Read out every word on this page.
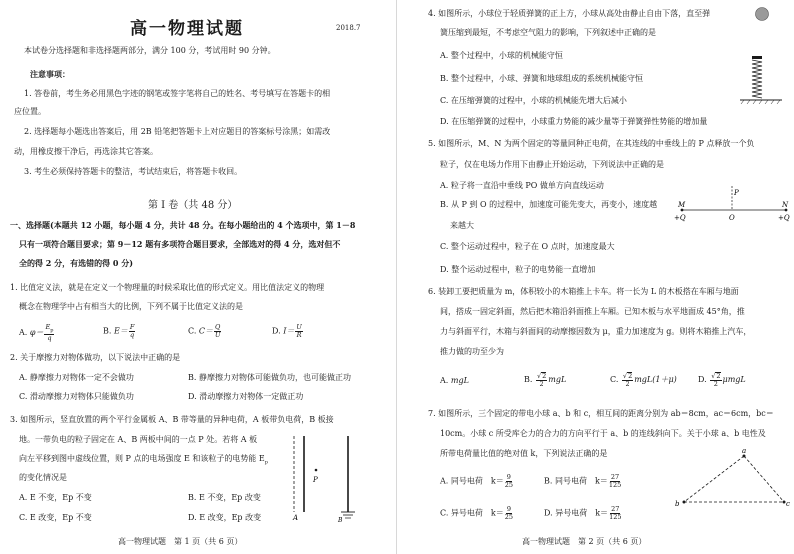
高一物理试题	2018.7
本试卷分选择题和非选择题两部分，满分 100 分，考试用时 90 分钟。
注意事项：
1. 答卷前，考生务必用黑色字迹的钢笔或签字笔将自己的姓名、考号填写在答题卡的相
应位置。
2. 选择题每小题选出答案后，用 2B 铅笔把答题卡上对应题目的答案标号涂黑；如需改
动，用橡皮擦干净后，再选涂其它答案。
3. 考生必须保持答题卡的整洁，考试结束后，将答题卡收回。
第 Ⅰ 卷（共 48 分）
一、选择题(本题共 12 小题，每小题 4 分，共计 48 分。在每小题给出的 4 个选项中，第 1－8
只有一项符合题目要求；第 9－12 题有多项符合题目要求，全部选对的得 4 分，选对但不
全的得 2 分，有选错的得 0 分)
1. 比值定义法，就是在定义一个物理量的时候采取比值的形式定义。用比值法定义的物理
概念在物理学中占有相当大的比例，下列不属于比值定义法的是
A. $\varphi= \frac{E_p}{q}$	B. $E= \frac{F}{q}$	C. $C= \frac{Q}{U}$	D. $I= \frac{U}{R}$
2. 关于摩擦力对物体做功，以下说法中正确的是
A. 静摩擦力对物体一定不会做功	B. 静摩擦力对物体可能做负功，也可能做正功
C. 滑动摩擦力对物体只能做负功	D. 滑动摩擦力对物体一定做正功
3. 如图所示，竖直放置的两个平行金属板 A、B 带等量的异种电荷，A 板带负电荷，B 板接
地。一带负电的粒子固定在 A、B 两板中间的一点 P 处。若将 A 板
向左平移到图中虚线位置，则 P 点的电场强度 E 和该粒子的电势能 $E_p$
的变化情况是
A. E 不变，Ep 不变	B. E 不变，Ep 改变
C. E 改变，Ep 不变	D. E 改变，Ep 改变
P
A	B
高一物理试题　第 1 页（共 6 页）
4. 如图所示，小球位于轻质弹簧的正上方，小球从高处由静止自由下落，直至弹
簧压缩到最短，不考虑空气阻力的影响，下列叙述中正确的是
A. 整个过程中，小球的机械能守恒
B. 整个过程中，小球、弹簧和地球组成的系统机械能守恒
C. 在压缩弹簧的过程中，小球的机械能先增大后减小
D. 在压缩弹簧的过程中，小球重力势能的减少量等于弹簧弹性势能的增加量
5. 如图所示，M、N 为两个固定的等量同种正电荷，在其连线的中垂线上的 P 点释放一个负
粒子，仅在电场力作用下由静止开始运动，下列说法中正确的是
A. 粒子将一直沿中垂线 PO 做单方向直线运动
B. 从 P 到 O 的过程中，加速度可能先变大，再变小，速度越
来越大
C. 整个运动过程中，粒子在 O 点时，加速度最大
D. 整个运动过程中，粒子的电势能一直增加
P
M
O
N
+Q	+Q
6. 装卸工要把质量为 m，体积较小的木箱推上卡车。将一长为 L 的木板搭在车厢与地面
间，搭成一固定斜面，然后把木箱沿斜面推上车厢。已知木板与水平地面成 45°角，推
力与斜面平行，木箱与斜面间的动摩擦因数为 μ，重力加速度为 g。则将木箱推上汽车，
推力做的功至少为
A. mgL	B. $\frac{√2}{2}$ mgL	C. $\frac{√2}{2} mgL(1+\mu)$	D. $\frac{√2}{2}$ μmgL
7. 如图所示，三个固定的带电小球 a、b 和 c，相互间的距离分别为 ab＝8cm，ac＝6cm，bc＝
10cm。小球 c 所受库仑力的合力的方向平行于 a、b 的连线斜向下。关于小球 a、b 电性及
所带电荷量比值的绝对值 k，下列说法正确的是
A. 同号电荷　$k= \frac{9}{25}$	B. 同号电荷　$k= \frac{27}{125}$
C. 异号电荷　$k= \frac{9}{25}$	D. 异号电荷　$k= \frac{27}{125}$
a
b	c
高一物理试题　第 2 页（共 6 页）
